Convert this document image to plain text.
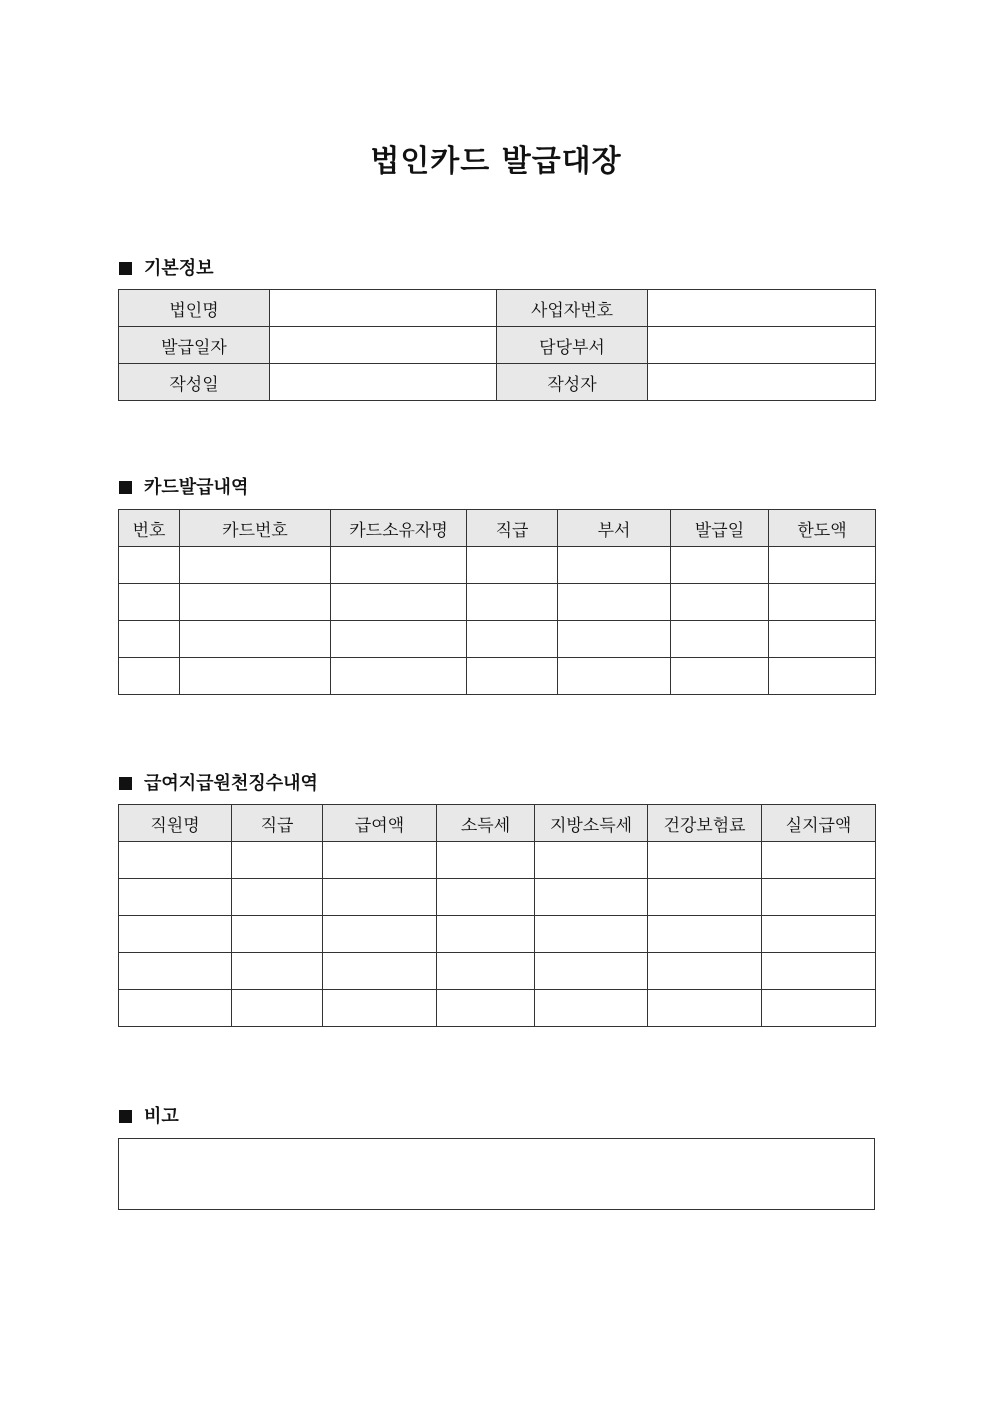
법인카드 발급대장
기본정보
법인명		사업자번호	
발급일자		담당부서	
작성일		작성자	
카드발급내역
번호	카드번호	카드소유자명	직급	부서	발급일	한도액

급여지급원천징수내역
직원명	직급	급여액	소득세	지방소득세	건강보험료	실지급액

비고
